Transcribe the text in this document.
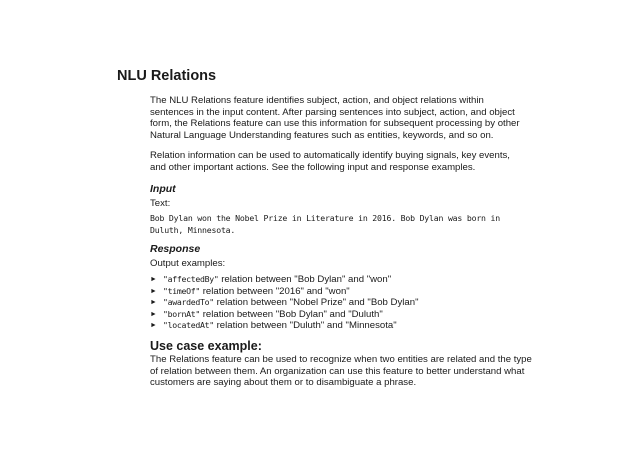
NLU Relations

The NLU Relations feature identifies subject, action, and object relations within sentences in the input content. After parsing sentences into subject, action, and object form, the Relations feature can use this information for subsequent processing by other Natural Language Understanding features such as entities, keywords, and so on.

Relation information can be used to automatically identify buying signals, key events, and other important actions. See the following input and response examples.

Input

Text:

Bob Dylan won the Nobel Prize in Literature in 2016. Bob Dylan was born in Duluth, Minnesota.

Response

Output examples:

► "affectedBy" relation between "Bob Dylan" and "won"
► "timeOf" relation between "2016" and "won"
► "awardedTo" relation between "Nobel Prize" and "Bob Dylan"
► "bornAt" relation between "Bob Dylan" and "Duluth"
► "locatedAt" relation between "Duluth" and "Minnesota"
Use case example:

The Relations feature can be used to recognize when two entities are related and the type of relation between them. An organization can use this feature to better understand what customers are saying about them or to disambiguate a phrase.
